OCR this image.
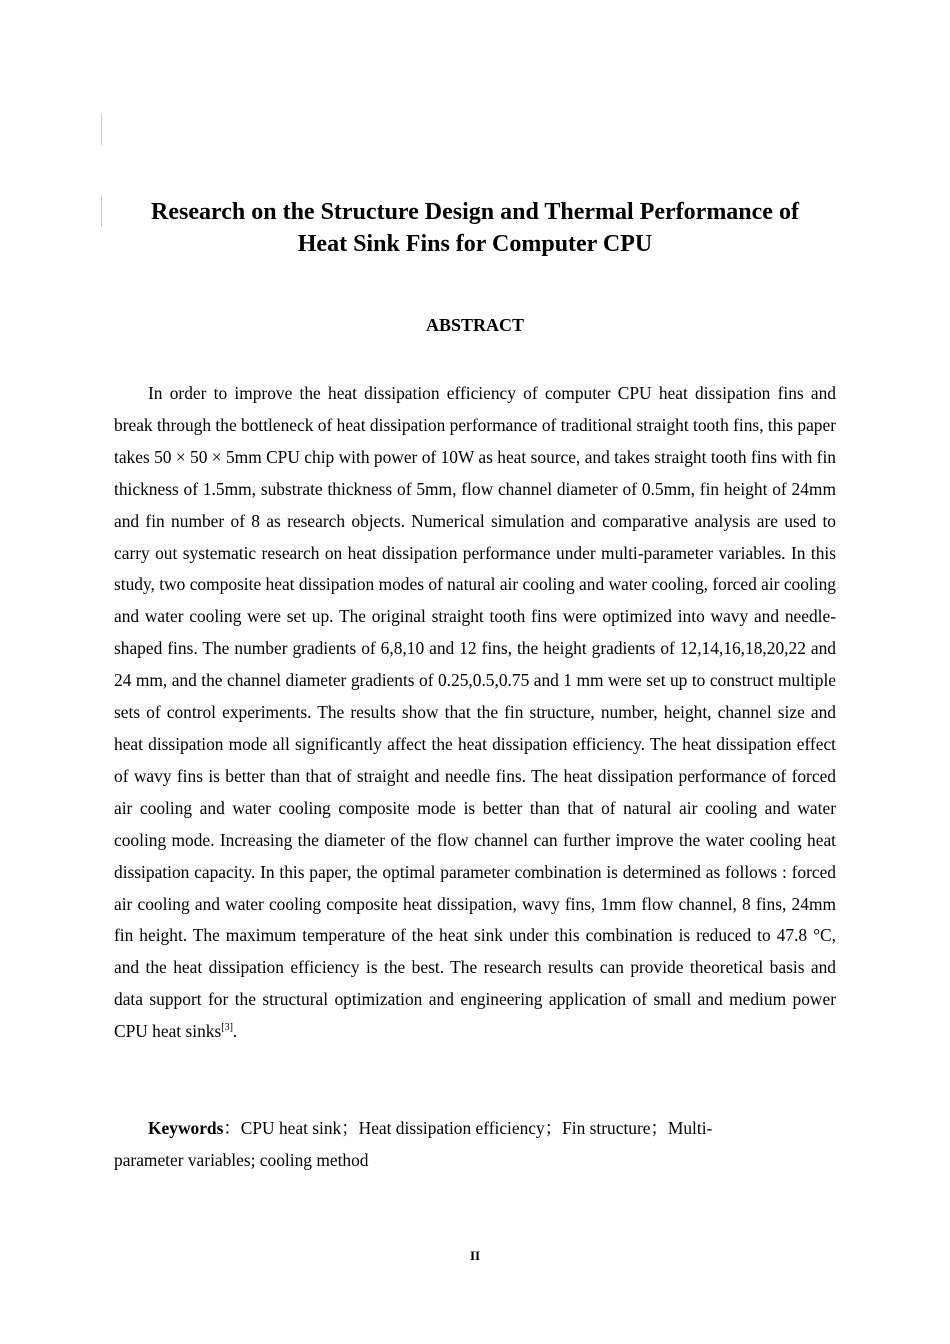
Research on the Structure Design and Thermal Performance of
Heat Sink Fins for Computer CPU
ABSTRACT

In order to improve the heat dissipation efficiency of computer CPU heat dissipation fins and break through the bottleneck of heat dissipation performance of traditional straight tooth fins, this paper takes 50 × 50 × 5mm CPU chip with power of 10W as heat source, and takes straight tooth fins with fin thickness of 1.5mm, substrate thickness of 5mm, flow channel diameter of 0.5mm, fin height of 24mm and fin number of 8 as research objects. Numerical simulation and comparative analysis are used to carry out systematic research on heat dissipation performance under multi-parameter variables. In this study, two composite heat dissipation modes of natural air cooling and water cooling, forced air cooling and water cooling were set up. The original straight tooth fins were optimized into wavy and needle-shaped fins. The number gradients of 6,8,10 and 12 fins, the height gradients of 12,14,16,18,20,22 and 24 mm, and the channel diameter gradients of 0.25,0.5,0.75 and 1 mm were set up to construct multiple sets of control experiments. The results show that the fin structure, number, height, channel size and heat dissipation mode all significantly affect the heat dissipation efficiency. The heat dissipation effect of wavy fins is better than that of straight and needle fins. The heat dissipation performance of forced air cooling and water cooling composite mode is better than that of natural air cooling and water cooling mode. Increasing the diameter of the flow channel can further improve the water cooling heat dissipation capacity. In this paper, the optimal parameter combination is determined as follows : forced air cooling and water cooling composite heat dissipation, wavy fins, 1mm flow channel, 8 fins, 24mm fin height. The maximum temperature of the heat sink under this combination is reduced to 47.8 °C, and the heat dissipation efficiency is the best. The research results can provide theoretical basis and data support for the structural optimization and engineering application of small and medium power CPU heat sinks[3].

Keywords：CPU heat sink；Heat dissipation efficiency；Fin structure；Multi-parameter variables; cooling method

II
